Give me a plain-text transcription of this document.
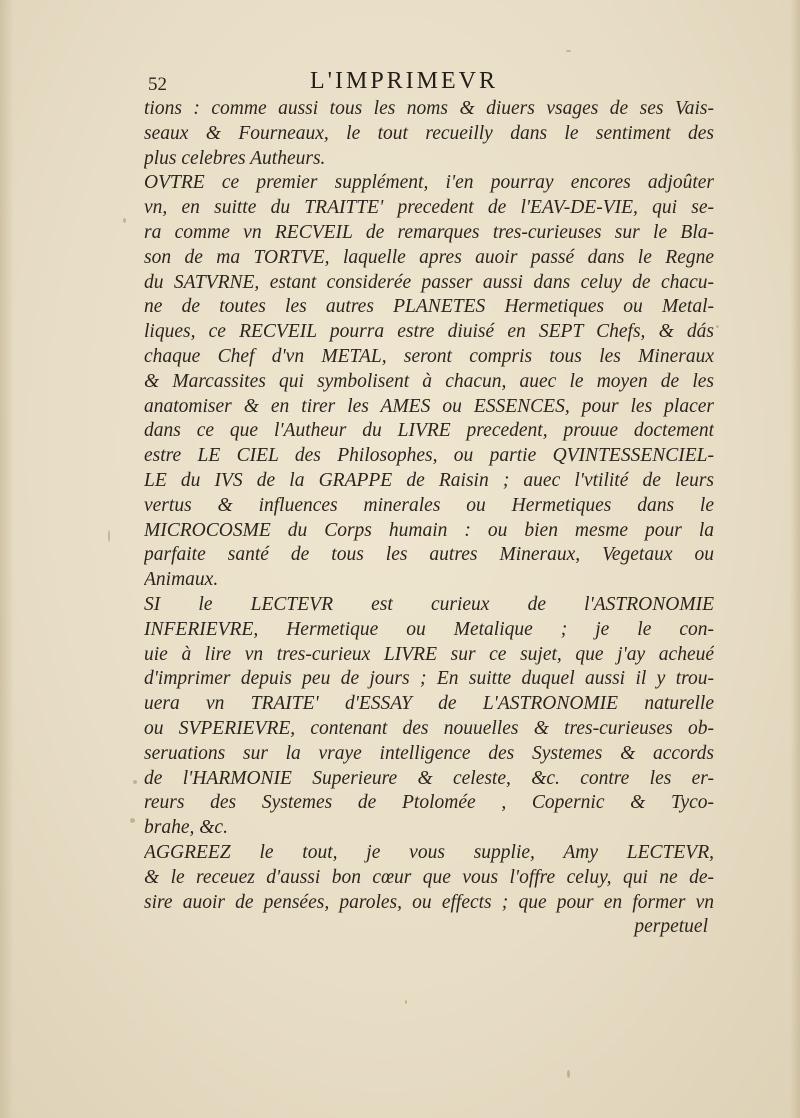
52	L'IMPRIMEVR
tions : comme aussi tous les noms & diuers vsages de ses Vais-
seaux & Fourneaux, le tout recueilly dans le sentiment des
plus celebres Autheurs.
OVTRE ce premier supplément, i'en pourray encores adjoûter
vn, en suitte du TRAITTE' precedent de l'EAV-DE-VIE, qui se-
ra comme vn RECVEIL de remarques tres-curieuses sur le Bla-
son de ma TORTVE, laquelle apres auoir passé dans le Regne
du SATVRNE, estant considerée passer aussi dans celuy de chacu-
ne de toutes les autres PLANETES Hermetiques ou Metal-
liques, ce RECVEIL pourra estre diuisé en SEPT Chefs, & dás
chaque Chef d'vn METAL, seront compris tous les Mineraux
& Marcassites qui symbolisent à chacun, auec le moyen de les
anatomiser & en tirer les AMES ou ESSENCES, pour les placer
dans ce que l'Autheur du LIVRE precedent, prouue doctement
estre LE CIEL des Philosophes, ou partie QVINTESSENCIEL-
LE du IVS de la GRAPPE de Raisin ; auec l'vtilité de leurs
vertus & influences minerales ou Hermetiques dans le
MICROCOSME du Corps humain : ou bien mesme pour la
parfaite santé de tous les autres Mineraux, Vegetaux ou
Animaux.
SI le LECTEVR est curieux de l'ASTRONOMIE
INFERIEVRE, Hermetique ou Metalique ; je le con-
uie à lire vn tres-curieux LIVRE sur ce sujet, que j'ay acheué
d'imprimer depuis peu de jours ; En suitte duquel aussi il y trou-
uera vn TRAITE' d'ESSAY de L'ASTRONOMIE naturelle
ou SVPERIEVRE, contenant des nouuelles & tres-curieuses ob-
seruations sur la vraye intelligence des Systemes & accords
de l'HARMONIE Superieure & celeste, &c. contre les er-
reurs des Systemes de Ptolomée , Copernic & Tyco-
brahe, &c.
AGGREEZ le tout, je vous supplie, Amy LECTEVR,
& le receuez d'aussi bon cœur que vous l'offre celuy, qui ne de-
sire auoir de pensées, paroles, ou effects ; que pour en former vn
perpetuel
